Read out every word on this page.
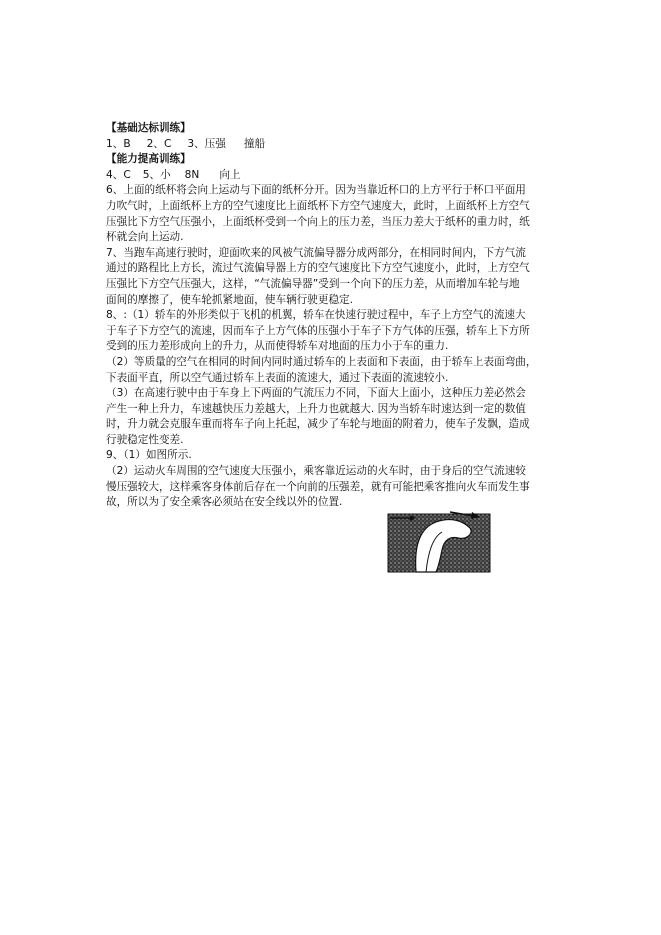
【基础达标训练】
1、B 2、C 3、压强 撞船
【能力提高训练】
4、C 5、小 8N 向上
6、上面的纸杯将会向上运动与下面的纸杯分开。因为当靠近杯口的上方平行于杯口平面用
力吹气时，上面纸杯上方的空气速度比上面纸杯下方空气速度大，此时，上面纸杯上方空气
压强比下方空气压强小，上面纸杯受到一个向上的压力差，当压力差大于纸杯的重力时，纸
杯就会向上运动.
7、当跑车高速行驶时，迎面吹来的风被气流偏导器分成两部分，在相同时间内，下方气流
通过的路程比上方长，流过气流偏导器上方的空气速度比下方空气速度小，此时，上方空气
压强比下方空气压强大，这样，“气流偏导器”受到一个向下的压力差，从而增加车轮与地
面间的摩擦了，使车轮抓紧地面，使车辆行驶更稳定.
8、:（1）轿车的外形类似于飞机的机翼，轿车在快速行驶过程中，车子上方空气的流速大
于车子下方空气的流速，因而车子上方气体的压强小于车子下方气体的压强，轿车上下方所
受到的压力差形成向上的升力，从而使得轿车对地面的压力小于车的重力.
（2）等质量的空气在相同的时间内同时通过轿车的上表面和下表面，由于轿车上表面弯曲，
下表面平直，所以空气通过轿车上表面的流速大，通过下表面的流速较小.
（3）在高速行驶中由于车身上下两面的气流压力不同，下面大上面小，这种压力差必然会
产生一种上升力，车速越快压力差越大，上升力也就越大. 因为当轿车时速达到一定的数值
时，升力就会克服车重而将车子向上托起，减少了车轮与地面的附着力，使车子发飘，造成
行驶稳定性变差.
9、（1）如图所示.
（2）运动火车周围的空气速度大压强小，乘客靠近运动的火车时，由于身后的空气流速较
慢压强较大，这样乘客身体前后存在一个向前的压强差，就有可能把乘客推向火车而发生事
故，所以为了安全乘客必须站在安全线以外的位置.
